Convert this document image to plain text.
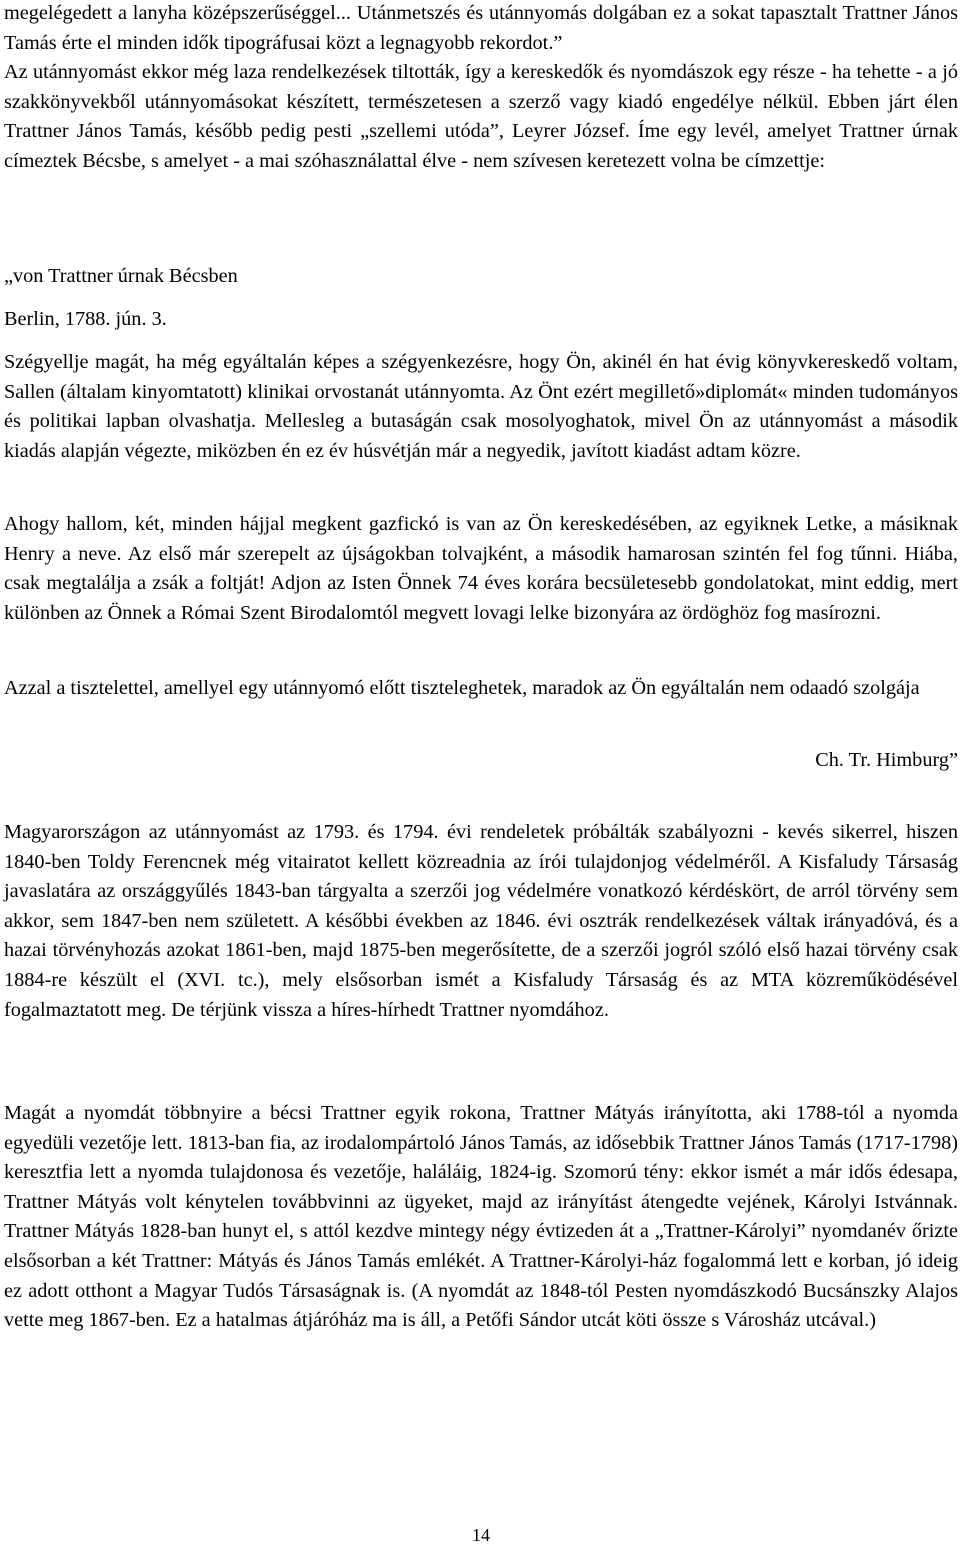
megelégedett a lanyha középszerűséggel... Utánmetszés és utánnyomás dolgában ez a sokat tapasztalt Trattner János Tamás érte el minden idők tipográfusai közt a legnagyobb rekordot.”

Az utánnyomást ekkor még laza rendelkezések tiltották, így a kereskedők és nyomdászok egy része - ha tehette - a jó szakkönyvekből utánnyomásokat készített, természetesen a szerző vagy kiadó engedélye nélkül. Ebben járt élen Trattner János Tamás, később pedig pesti „szellemi utóda”, Leyrer József. Íme egy levél, amelyet Trattner úrnak címeztek Bécsbe, s amelyet - a mai szóhasználattal élve - nem szívesen keretezett volna be címzettje:

„von Trattner úrnak Bécsben

Berlin, 1788. jún. 3.

Szégyellje magát, ha még egyáltalán képes a szégyenkezésre, hogy Ön, akinél én hat évig könyvkereskedő voltam, Sallen (általam kinyomtatott) klinikai orvostanát utánnyomta. Az Önt ezért megillető»diplomát« minden tudományos és politikai lapban olvashatja. Mellesleg a butaságán csak mosolyoghatok, mivel Ön az utánnyomást a második kiadás alapján végezte, miközben én ez év húsvétján már a negyedik, javított kiadást adtam közre.

Ahogy hallom, két, minden hájjal megkent gazfickó is van az Ön kereskedésében, az egyiknek Letke, a másiknak Henry a neve. Az első már szerepelt az újságokban tolvajként, a második hamarosan szintén fel fog tűnni. Hiába, csak megtalálja a zsák a foltját! Adjon az Isten Önnek 74 éves korára becsületesebb gondolatokat, mint eddig, mert különben az Önnek a Római Szent Birodalomtól megvett lovagi lelke bizonyára az ördöghöz fog masírozni.

Azzal a tisztelettel, amellyel egy utánnyomó előtt tiszteleghetek, maradok az Ön egyáltalán nem odaadó szolgája

Ch. Tr. Himburg”

Magyarországon az utánnyomást az 1793. és 1794. évi rendeletek próbálták szabályozni - kevés sikerrel, hiszen 1840-ben Toldy Ferencnek még vitairatot kellett közreadnia az írói tulajdonjog védelméről. A Kisfaludy Társaság javaslatára az országgyűlés 1843-ban tárgyalta a szerzői jog védelmére vonatkozó kérdéskört, de arról törvény sem akkor, sem 1847-ben nem született. A későbbi években az 1846. évi osztrák rendelkezések váltak irányadóvá, és a hazai törvényhozás azokat 1861-ben, majd 1875-ben megerősítette, de a szerzői jogról szóló első hazai törvény csak 1884-re készült el (XVI. tc.), mely elsősorban ismét a Kisfaludy Társaság és az MTA közreműködésével fogalmaztatott meg. De térjünk vissza a híres-hírhedt Trattner nyomdához.

Magát a nyomdát többnyire a bécsi Trattner egyik rokona, Trattner Mátyás irányította, aki 1788-tól a nyomda egyedüli vezetője lett. 1813-ban fia, az irodalompártoló János Tamás, az idősebbik Trattner János Tamás (1717-1798) keresztfia lett a nyomda tulajdonosa és vezetője, haláláig, 1824-ig. Szomorú tény: ekkor ismét a már idős édesapa, Trattner Mátyás volt kénytelen továbbvinni az ügyeket, majd az irányítást átengedte vejének, Károlyi Istvánnak. Trattner Mátyás 1828-ban hunyt el, s attól kezdve mintegy négy évtizeden át a „Trattner-Károlyi” nyomdanév őrizte elsősorban a két Trattner: Mátyás és János Tamás emlékét. A Trattner-Károlyi-ház fogalommá lett e korban, jó ideig ez adott otthont a Magyar Tudós Társaságnak is. (A nyomdát az 1848-tól Pesten nyomdászkodó Bucsánszky Alajos vette meg 1867-ben. Ez a hatalmas átjáróház ma is áll, a Petőfi Sándor utcát köti össze s Városház utcával.)

14
